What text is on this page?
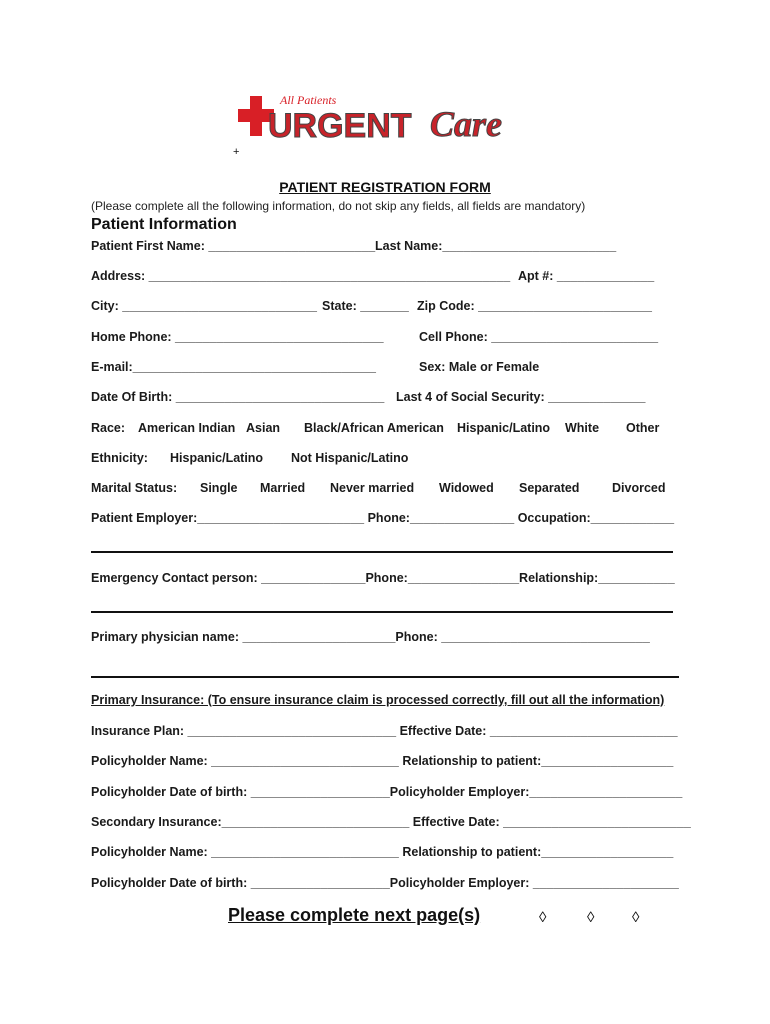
All Patients
URGENT Care
+
PATIENT REGISTRATION FORM
(Please complete all the following information, do not skip any fields, all fields are mandatory)
Patient Information
Patient First Name: ________________________ Last Name:_________________________
Address: ____________________________________________________ Apt #: ______________
City: ____________________________ State: _______ Zip Code: _________________________
Home Phone: ______________________________	Cell Phone: ________________________
E-mail:___________________________________	Sex: Male or Female
Date Of Birth: ______________________________ Last 4 of Social Security: ______________
Race: American Indian Asian Black/African American Hispanic/Latino White Other
Ethnicity: Hispanic/Latino Not Hispanic/Latino
Marital Status: Single Married Never married Widowed Separated	Divorced
Patient Employer:________________________ Phone:_______________ Occupation:____________
Emergency Contact person: _______________Phone:________________Relationship:___________
Primary physician name: ______________________Phone: ______________________________
Primary Insurance: (To ensure insurance claim is processed correctly, fill out all the information)
Insurance Plan: ______________________________ Effective Date: ___________________________
Policyholder Name: ___________________________ Relationship to patient:___________________
Policyholder Date of birth: ____________________Policyholder Employer:______________________
Secondary Insurance:___________________________ Effective Date: ___________________________
Policyholder Name: ___________________________ Relationship to patient:___________________
Policyholder Date of birth: ____________________Policyholder Employer: _____________________
Please complete next page(s)	◊	◊	◊
